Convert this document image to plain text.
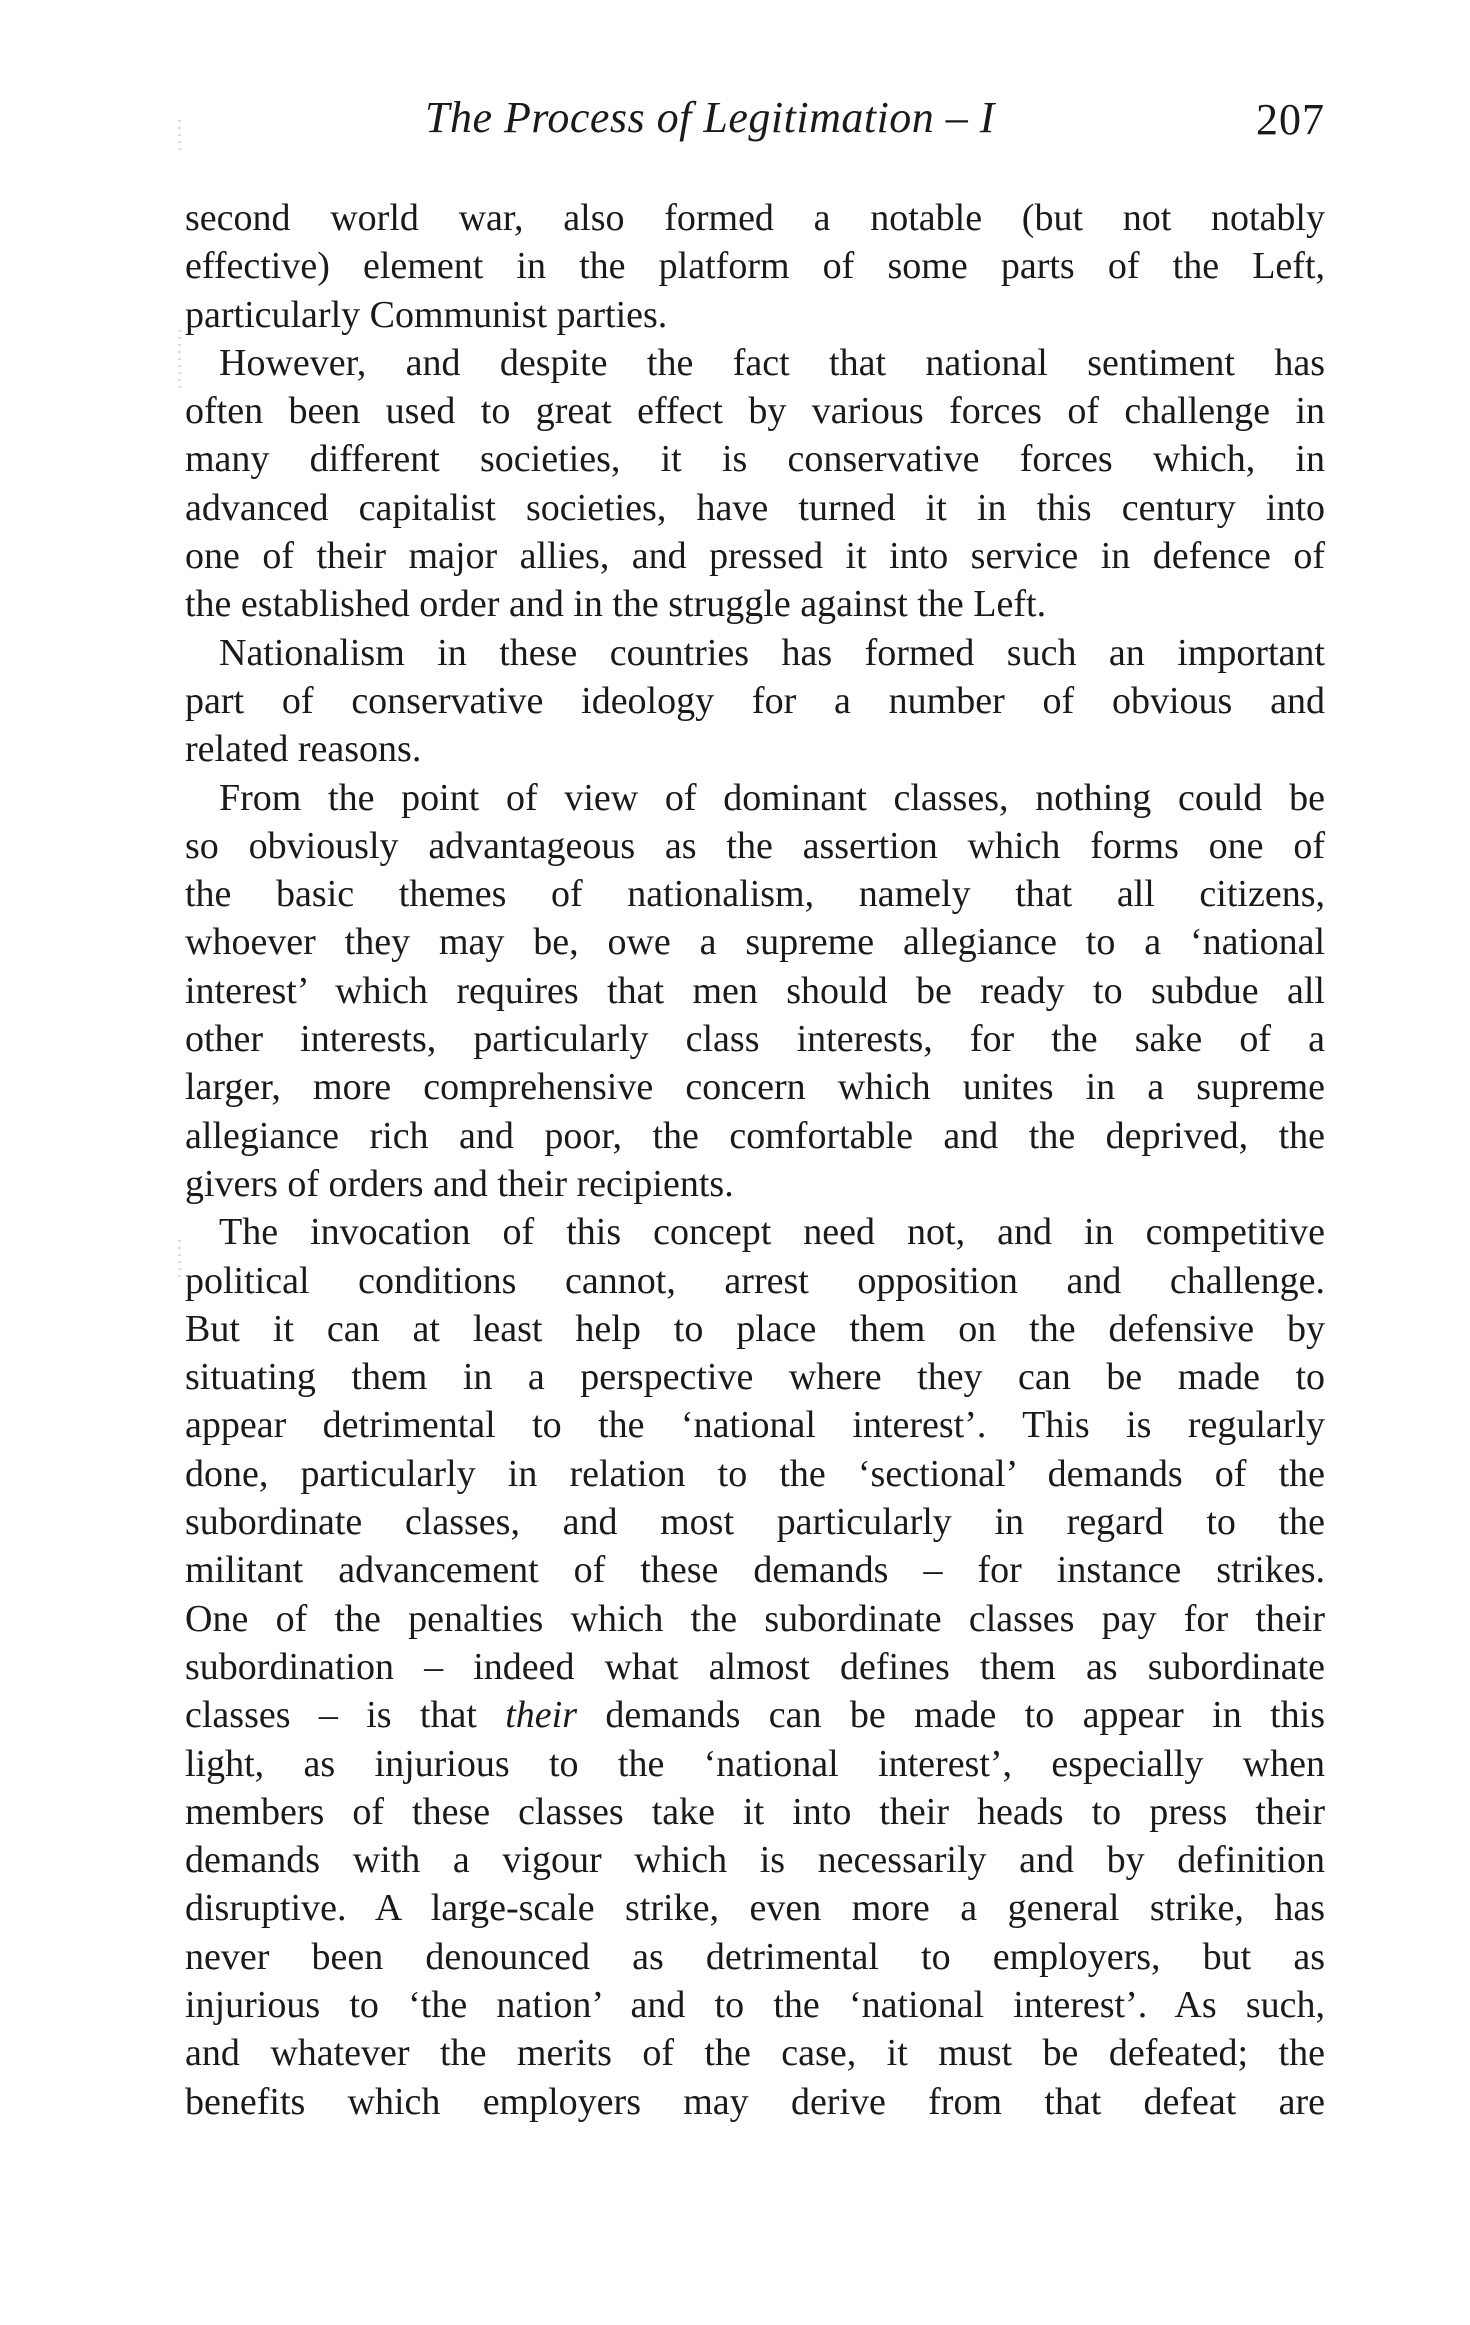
The Process of Legitimation – I	207
second world war, also formed a notable (but not notably
effective) element in the platform of some parts of the Left,
particularly Communist parties.
However, and despite the fact that national sentiment has
often been used to great effect by various forces of challenge in
many different societies, it is conservative forces which, in
advanced capitalist societies, have turned it in this century into
one of their major allies, and pressed it into service in defence of
the established order and in the struggle against the Left.
Nationalism in these countries has formed such an important
part of conservative ideology for a number of obvious and
related reasons.
From the point of view of dominant classes, nothing could be
so obviously advantageous as the assertion which forms one of
the basic themes of nationalism, namely that all citizens,
whoever they may be, owe a supreme allegiance to a ‘national
interest’ which requires that men should be ready to subdue all
other interests, particularly class interests, for the sake of a
larger, more comprehensive concern which unites in a supreme
allegiance rich and poor, the comfortable and the deprived, the
givers of orders and their recipients.
The invocation of this concept need not, and in competitive
political conditions cannot, arrest opposition and challenge.
But it can at least help to place them on the defensive by
situating them in a perspective where they can be made to
appear detrimental to the ‘national interest’. This is regularly
done, particularly in relation to the ‘sectional’ demands of the
subordinate classes, and most particularly in regard to the
militant advancement of these demands – for instance strikes.
One of the penalties which the subordinate classes pay for their
subordination – indeed what almost defines them as subordinate
classes – is that their demands can be made to appear in this
light, as injurious to the ‘national interest’, especially when
members of these classes take it into their heads to press their
demands with a vigour which is necessarily and by definition
disruptive. A large-scale strike, even more a general strike, has
never been denounced as detrimental to employers, but as
injurious to ‘the nation’ and to the ‘national interest’. As such,
and whatever the merits of the case, it must be defeated; the
benefits which employers may derive from that defeat are
